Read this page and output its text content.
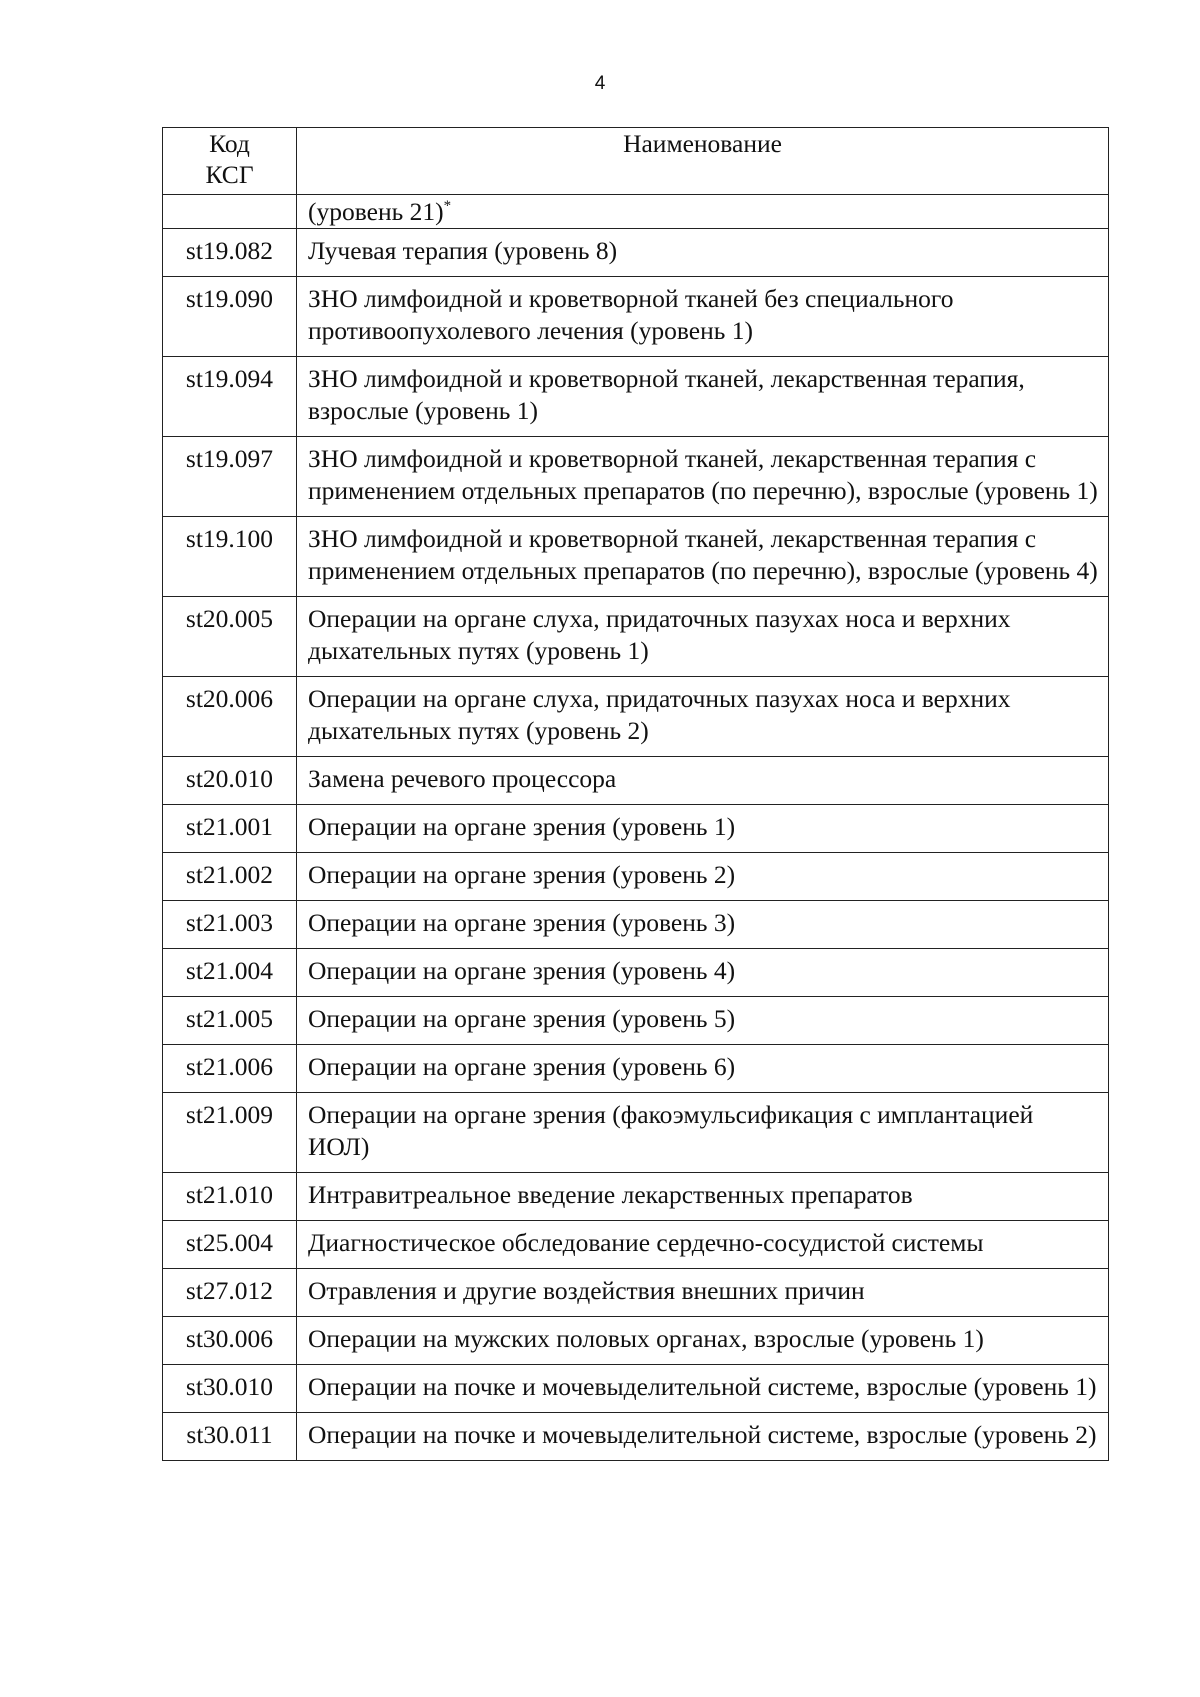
4
Код
КСГ	Наименование
	(уровень 21)*
st19.082	Лучевая терапия (уровень 8)
st19.090	ЗНО лимфоидной и кроветворной тканей без специального противоопухолевого лечения (уровень 1)
st19.094	ЗНО лимфоидной и кроветворной тканей, лекарственная терапия, взрослые (уровень 1)
st19.097	ЗНО лимфоидной и кроветворной тканей, лекарственная терапия с применением отдельных препаратов (по перечню), взрослые (уровень 1)
st19.100	ЗНО лимфоидной и кроветворной тканей, лекарственная терапия с применением отдельных препаратов (по перечню), взрослые (уровень 4)
st20.005	Операции на органе слуха, придаточных пазухах носа и верхних дыхательных путях (уровень 1)
st20.006	Операции на органе слуха, придаточных пазухах носа и верхних дыхательных путях (уровень 2)
st20.010	Замена речевого процессора
st21.001	Операции на органе зрения (уровень 1)
st21.002	Операции на органе зрения (уровень 2)
st21.003	Операции на органе зрения (уровень 3)
st21.004	Операции на органе зрения (уровень 4)
st21.005	Операции на органе зрения (уровень 5)
st21.006	Операции на органе зрения (уровень 6)
st21.009	Операции на органе зрения (факоэмульсификация с имплантацией ИОЛ)
st21.010	Интравитреальное введение лекарственных препаратов
st25.004	Диагностическое обследование сердечно-сосудистой системы
st27.012	Отравления и другие воздействия внешних причин
st30.006	Операции на мужских половых органах, взрослые (уровень 1)
st30.010	Операции на почке и мочевыделительной системе, взрослые (уровень 1)
st30.011	Операции на почке и мочевыделительной системе, взрослые (уровень 2)
